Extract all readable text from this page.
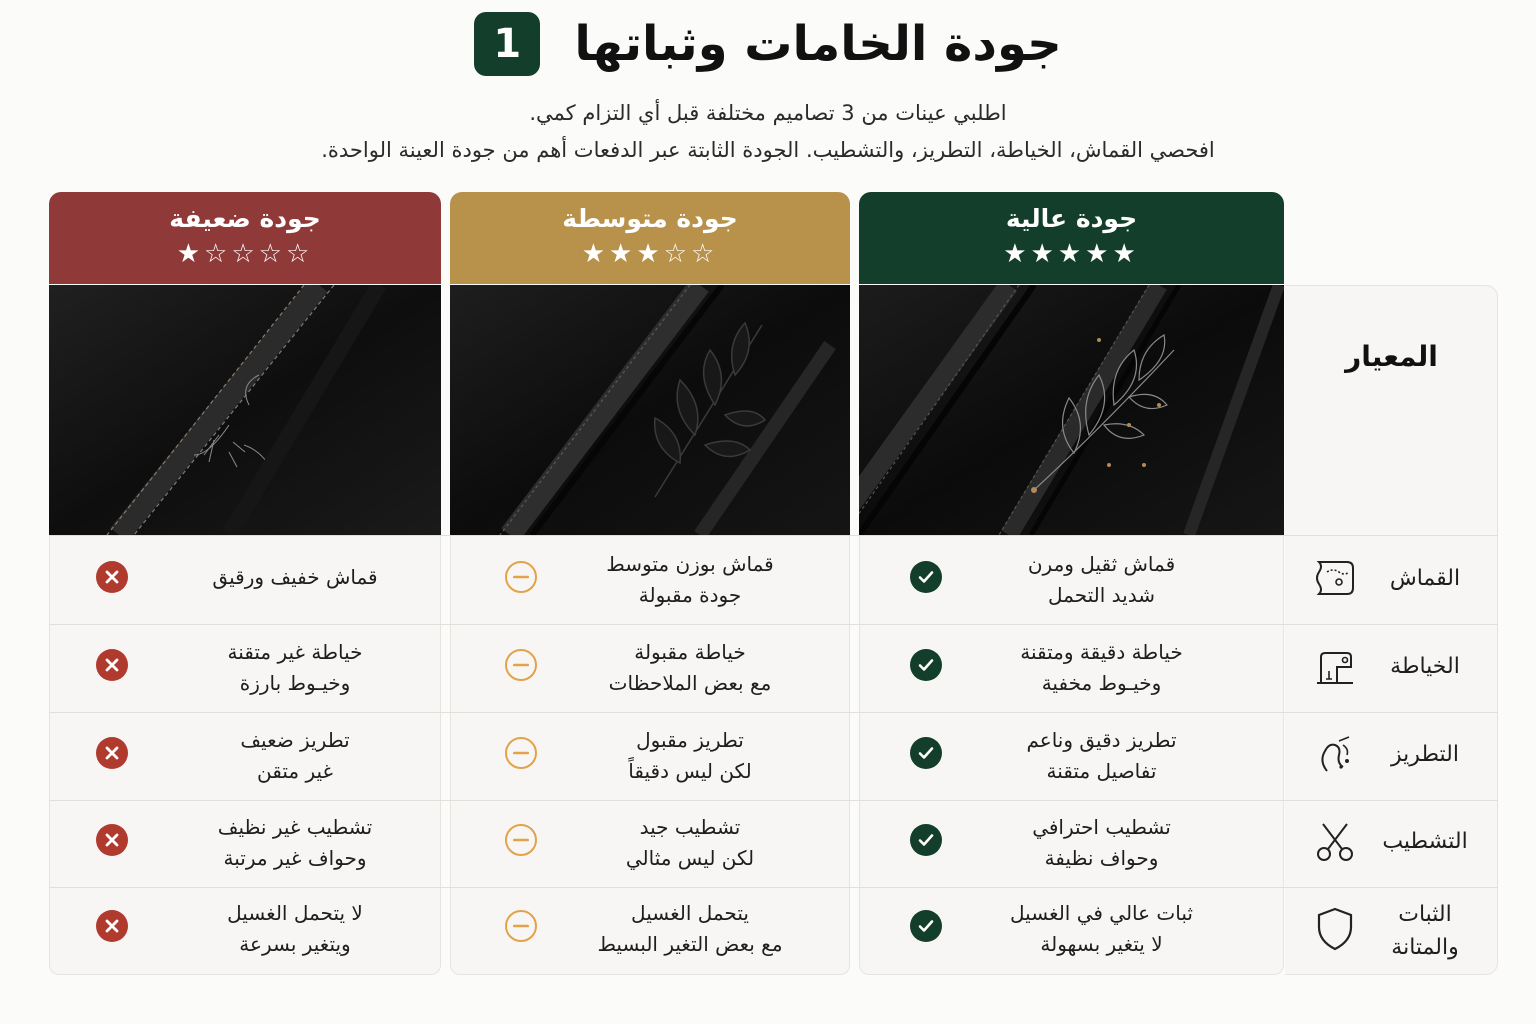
1	جودة الخامات وثباتها
اطلبي عينات من 3 تصاميم مختلفة قبل أي التزام كمي.
افحصي القماش، الخياطة، التطريز، والتشطيب. الجودة الثابتة عبر الدفعات أهم من جودة العينة الواحدة.
جودة عالية
★★★★★
جودة متوسطة
★★★☆☆
جودة ضعيفة
★☆☆☆☆
المعيار
القماش
قماش ثقيل ومرن
شديد التحمل
قماش بوزن متوسط
جودة مقبولة
قماش خفيف ورقيق
الخياطة
خياطة دقيقة ومتقنة
وخيـوط مخفية
خياطة مقبولة
مع بعض الملاحظات
خياطة غير متقنة
وخيـوط بارزة
التطريز
تطريز دقيق وناعم
تفاصيل متقنة
تطريز مقبول
لكن ليس دقيقاً
تطريز ضعيف
غير متقن
التشطيب
تشطيب احترافي
وحواف نظيفة
تشطيب جيد
لكن ليس مثالي
تشطيب غير نظيف
وحواف غير مرتبة
الثبات
والمتانة
ثبات عالي في الغسيل
لا يتغير بسهولة
يتحمل الغسيل
مع بعض التغير البسيط
لا يتحمل الغسيل
ويتغير بسرعة
